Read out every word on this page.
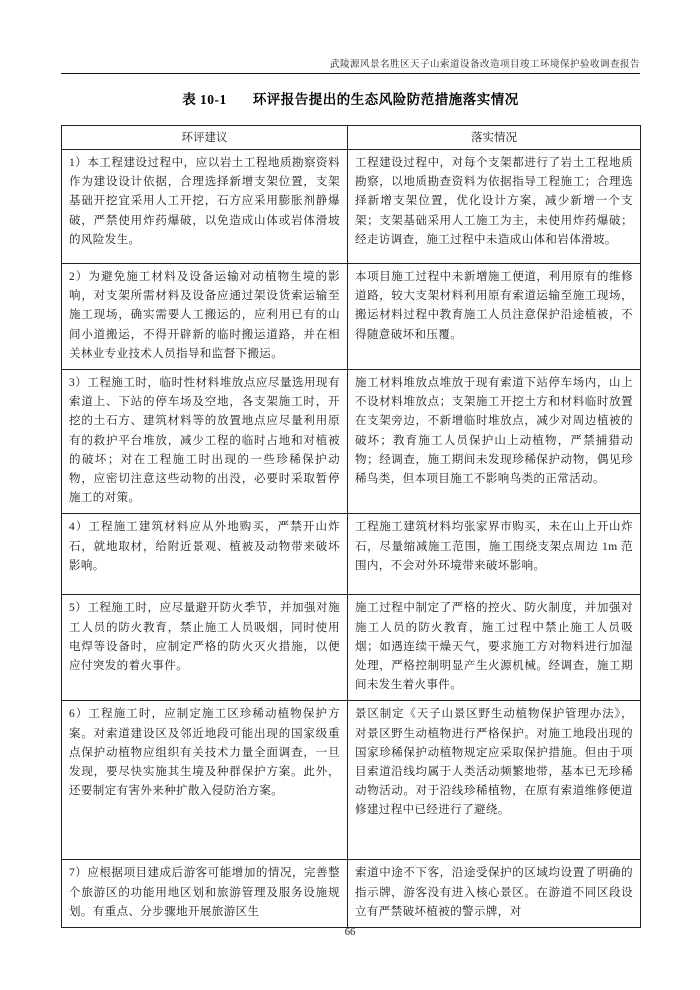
武陵源风景名胜区天子山索道设备改造项目竣工环境保护验收调查报告
表 10-1 环评报告提出的生态风险防范措施落实情况
环评建议	落实情况

1）本工程建设过程中，应以岩土工程地质勘察资料作为建设设计依据，合理选择新增支架位置，支架基础开挖宜采用人工开挖，石方应采用膨胀剂静爆破，严禁使用炸药爆破，以免造成山体或岩体滑坡的风险发生。	工程建设过程中，对每个支架都进行了岩土工程地质勘察，以地质勘查资料为依据指导工程施工；合理选择新增支架位置，优化设计方案，减少新增一个支架；支架基础采用人工施工为主，未使用炸药爆破；经走访调查，施工过程中未造成山体和岩体滑坡。

2）为避免施工材料及设备运输对动植物生境的影响，对支架所需材料及设备应通过架设货索运输至施工现场，确实需要人工搬运的，应利用已有的山间小道搬运，不得开辟新的临时搬运道路，并在相关林业专业技术人员指导和监督下搬运。	本项目施工过程中未新增施工便道，利用原有的维修道路，较大支架材料利用原有索道运输至施工现场，搬运材料过程中教育施工人员注意保护沿途植被，不得随意破坏和压覆。

3）工程施工时，临时性材料堆放点应尽量选用现有索道上、下站的停车场及空地，各支架施工时，开挖的土石方、建筑材料等的放置地点应尽量利用原有的救护平台堆放，减少工程的临时占地和对植被的破坏；对在工程施工时出现的一些珍稀保护动物，应密切注意这些动物的出没，必要时采取暂停施工的对策。	施工材料堆放点堆放于现有索道下站停车场内，山上不设材料堆放点；支架施工开挖土方和材料临时放置在支架旁边，不新增临时堆放点，减少对周边植被的破坏；教育施工人员保护山上动植物，严禁捕猎动物；经调查，施工期间未发现珍稀保护动物，偶见珍稀鸟类，但本项目施工不影响鸟类的正常活动。

4）工程施工建筑材料应从外地购买，严禁开山炸石，就地取材，给附近景观、植被及动物带来破坏影响。	工程施工建筑材料均张家界市购买，未在山上开山炸石，尽量缩减施工范围，施工围绕支架点周边 1m 范围内，不会对外环境带来破坏影响。

5）工程施工时，应尽量避开防火季节，并加强对施工人员的防火教育，禁止施工人员吸烟，同时使用电焊等设备时，应制定严格的防火灭火措施，以便应付突发的着火事件。	施工过程中制定了严格的控火、防火制度，并加强对施工人员的防火教育，施工过程中禁止施工人员吸烟；如遇连续干燥天气，要求施工方对物料进行加湿处理，严格控制明显产生火源机械。经调查，施工期间未发生着火事件。

6）工程施工时，应制定施工区珍稀动植物保护方案。对索道建设区及邻近地段可能出现的国家级重点保护动植物应组织有关技术力量全面调查，一旦发现，要尽快实施其生境及种群保护方案。此外，还要制定有害外来种扩散入侵防治方案。	景区制定《天子山景区野生动植物保护管理办法》，对景区野生动植物进行严格保护。对施工地段出现的国家珍稀保护动植物规定应采取保护措施。但由于项目索道沿线均属于人类活动频繁地带，基本已无珍稀动物活动。对于沿线珍稀植物，在原有索道维修便道修建过程中已经进行了避绕。

7）应根据项目建成后游客可能增加的情况，完善整个旅游区的功能用地区划和旅游管理及服务设施规划。有重点、分步骤地开展旅游区生	索道中途不下客，沿途受保护的区域均设置了明确的指示牌，游客没有进入核心景区。在游道不同区段设立有严禁破坏植被的警示牌，对
66
